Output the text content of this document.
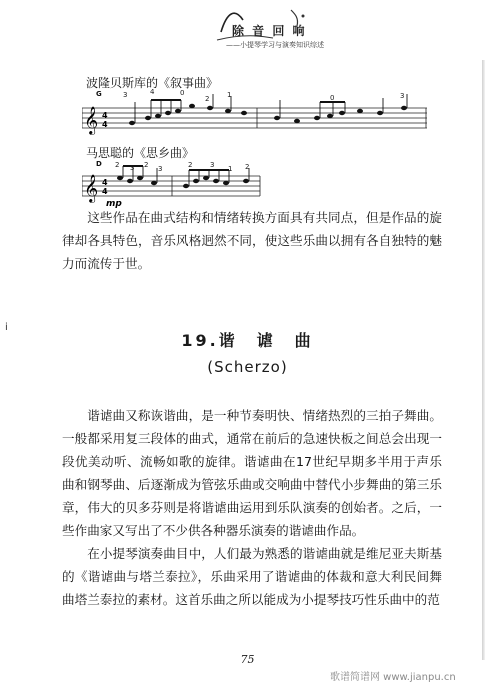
除 音 回 响
——小提琴学习与演奏知识综述
波隆贝斯库的《叙事曲》
G
𝄞 4
4
3	4	0
2	1	0	3
马思聪的《思乡曲》
D
𝄞 4
4
mp
2 3 2 3	2	3 1 2

这些作品在曲式结构和情绪转换方面具有共同点，但是作品的旋律却各具特色，音乐风格迥然不同，使这些乐曲以拥有各自独特的魅力而流传于世。

i
19.谐　谑　曲
(Scherzo)

谐谑曲又称诙谐曲，是一种节奏明快、情绪热烈的三拍子舞曲。一般都采用复三段体的曲式，通常在前后的急速快板之间总会出现一段优美动听、流畅如歌的旋律。谐谑曲在17世纪早期多半用于声乐曲和钢琴曲、后逐渐成为管弦乐曲或交响曲中替代小步舞曲的第三乐章，伟大的贝多芬则是将谐谑曲运用到乐队演奏的创始者。之后，一些作曲家又写出了不少供各种器乐演奏的谐谑曲作品。

在小提琴演奏曲目中，人们最为熟悉的谐谑曲就是维尼亚夫斯基的《谐谑曲与塔兰泰拉》，乐曲采用了谐谑曲的体裁和意大利民间舞曲塔兰泰拉的素材。这首乐曲之所以能成为小提琴技巧性乐曲中的范

75
歌谱简谱网 www.jianpu.cn
